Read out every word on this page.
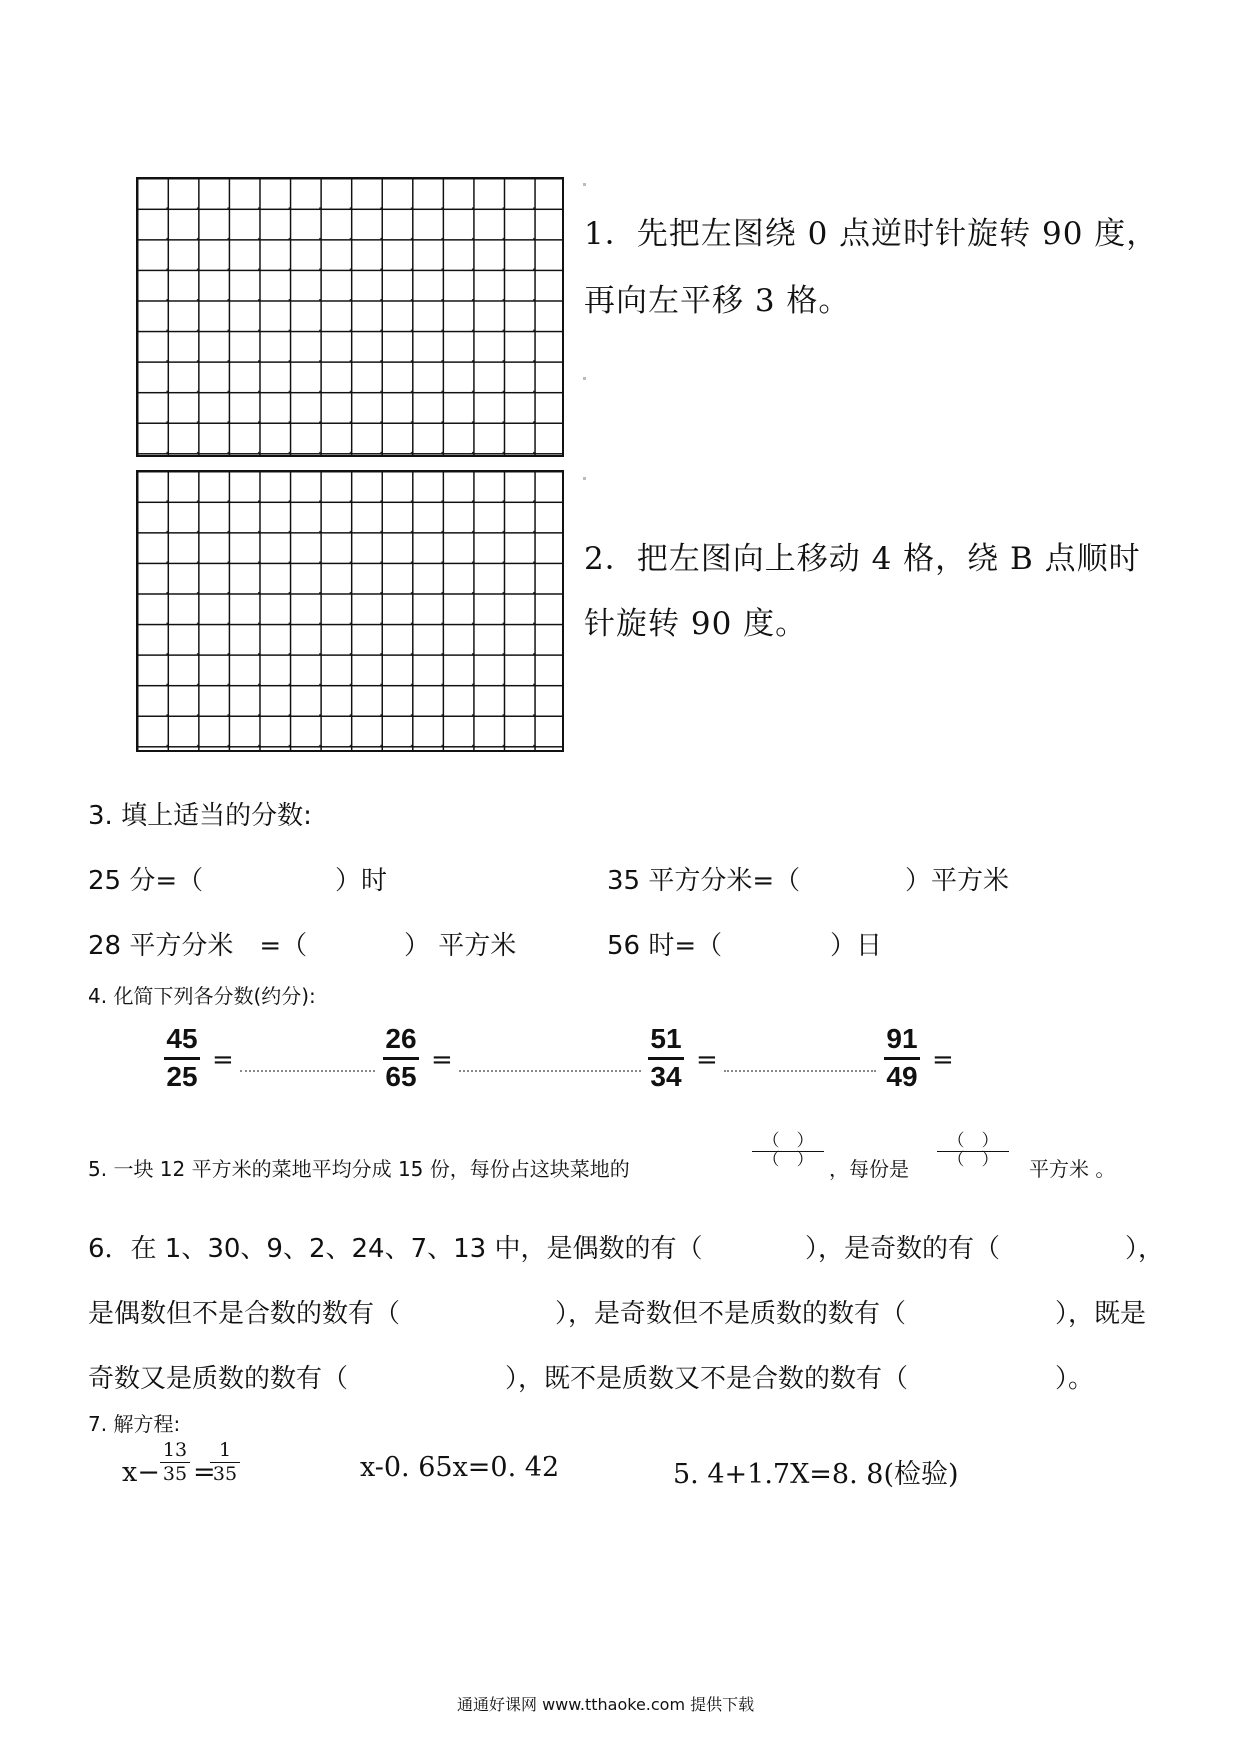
1．先把左图绕 0 点逆时针旋转 90 度，
再向左平移 3 格。
2．把左图向上移动 4 格，绕 B 点顺时
针旋转 90 度。
3. 填上适当的分数:
25 分=（	）时	35 平方分米=（	）平方米
28 平方分米　=（	） 平方米	56 时=（	）日
4. 化简下列各分数(约分):
45
25
=
26
65
=
51
34
=
91
49
=
5. 一块 12 平方米的菜地平均分成 15 份，每份占这块菜地的
（　）
（　） ，每份是
（　）
（　） 平方米 。
6．在 1、30、9、2、24、7、13 中，是偶数的有（	），是奇数的有（	），
是偶数但不是合数的数有（	），是奇数但不是质数的数有（	），既是
奇数又是质数的数有（	），既不是质数又不是合数的数有（	）。
7. 解方程:
x−
13
35 =
1
35	x-0. 65x=0. 42	5. 4+1.7X=8. 8(检验)
通通好课网 www.tthaoke.com 提供下载
